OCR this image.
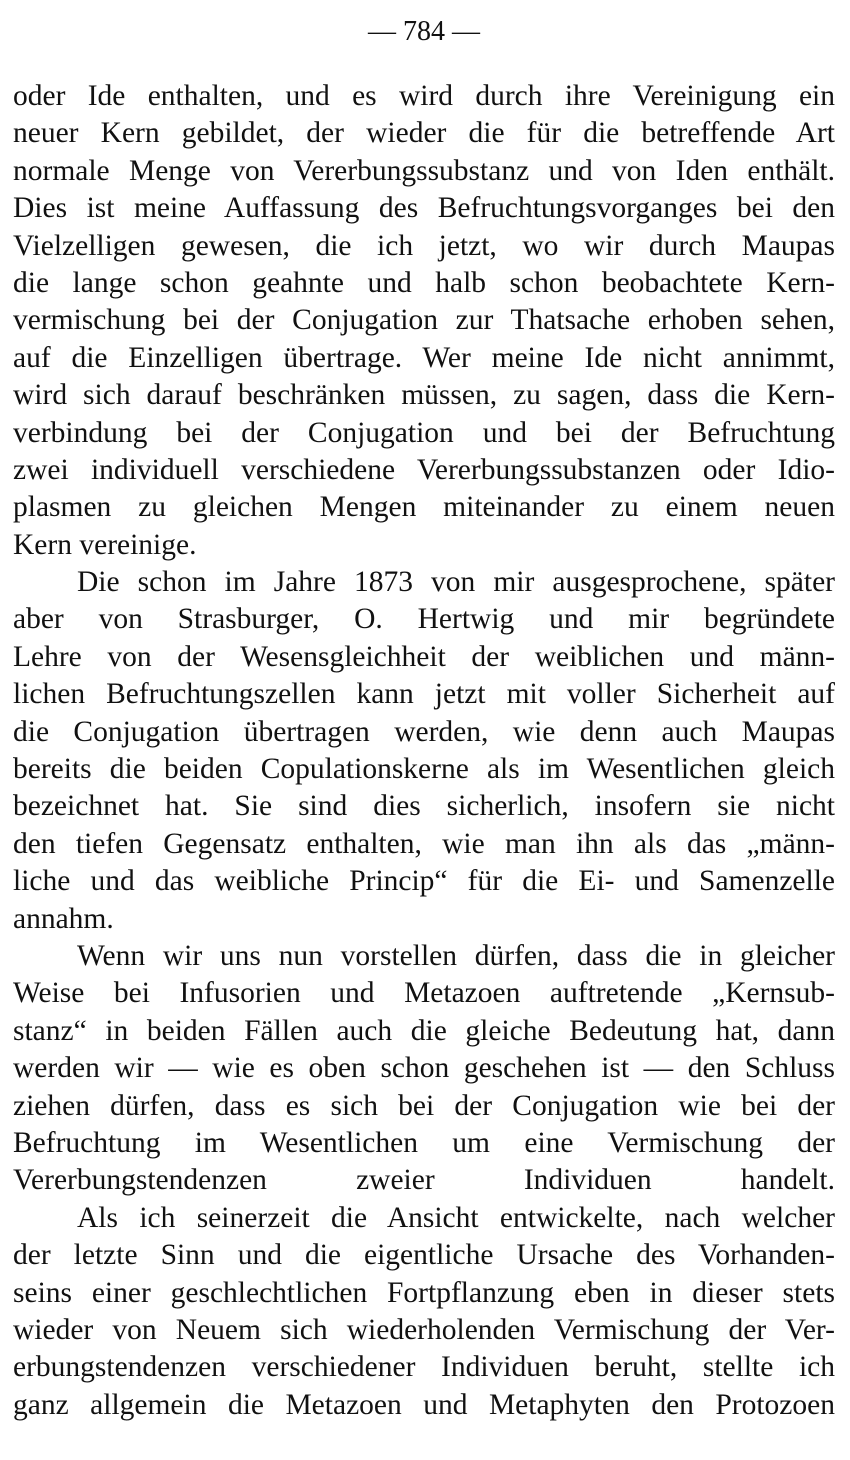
— 784 —
oder Ide enthalten, und es wird durch ihre Vereinigung ein
neuer Kern gebildet, der wieder die für die betreffende Art
normale Menge von Vererbungssubstanz und von Iden enthält.
Dies ist meine Auffassung des Befruchtungsvorganges bei den
Vielzelligen gewesen, die ich jetzt, wo wir durch Maupas
die lange schon geahnte und halb schon beobachtete Kern-
vermischung bei der Conjugation zur Thatsache erhoben sehen,
auf die Einzelligen übertrage. Wer meine Ide nicht annimmt,
wird sich darauf beschränken müssen, zu sagen, dass die Kern-
verbindung bei der Conjugation und bei der Befruchtung
zwei individuell verschiedene Vererbungssubstanzen oder Idio-
plasmen zu gleichen Mengen miteinander zu einem neuen
Kern vereinige.
Die schon im Jahre 1873 von mir ausgesprochene, später
aber von Strasburger, O. Hertwig und mir begründete
Lehre von der Wesensgleichheit der weiblichen und männ-
lichen Befruchtungszellen kann jetzt mit voller Sicherheit auf
die Conjugation übertragen werden, wie denn auch Maupas
bereits die beiden Copulationskerne als im Wesentlichen gleich
bezeichnet hat. Sie sind dies sicherlich, insofern sie nicht
den tiefen Gegensatz enthalten, wie man ihn als das „männ-
liche und das weibliche Princip“ für die Ei- und Samenzelle
annahm.
Wenn wir uns nun vorstellen dürfen, dass die in gleicher
Weise bei Infusorien und Metazoen auftretende „Kernsub-
stanz“ in beiden Fällen auch die gleiche Bedeutung hat, dann
werden wir — wie es oben schon geschehen ist — den Schluss
ziehen dürfen, dass es sich bei der Conjugation wie bei der
Befruchtung im Wesentlichen um eine Vermischung der
Vererbungstendenzen zweier Individuen handelt.
Als ich seinerzeit die Ansicht entwickelte, nach welcher
der letzte Sinn und die eigentliche Ursache des Vorhanden-
seins einer geschlechtlichen Fortpflanzung eben in dieser stets
wieder von Neuem sich wiederholenden Vermischung der Ver-
erbungstendenzen verschiedener Individuen beruht, stellte ich
ganz allgemein die Metazoen und Metaphyten den Protozoen
